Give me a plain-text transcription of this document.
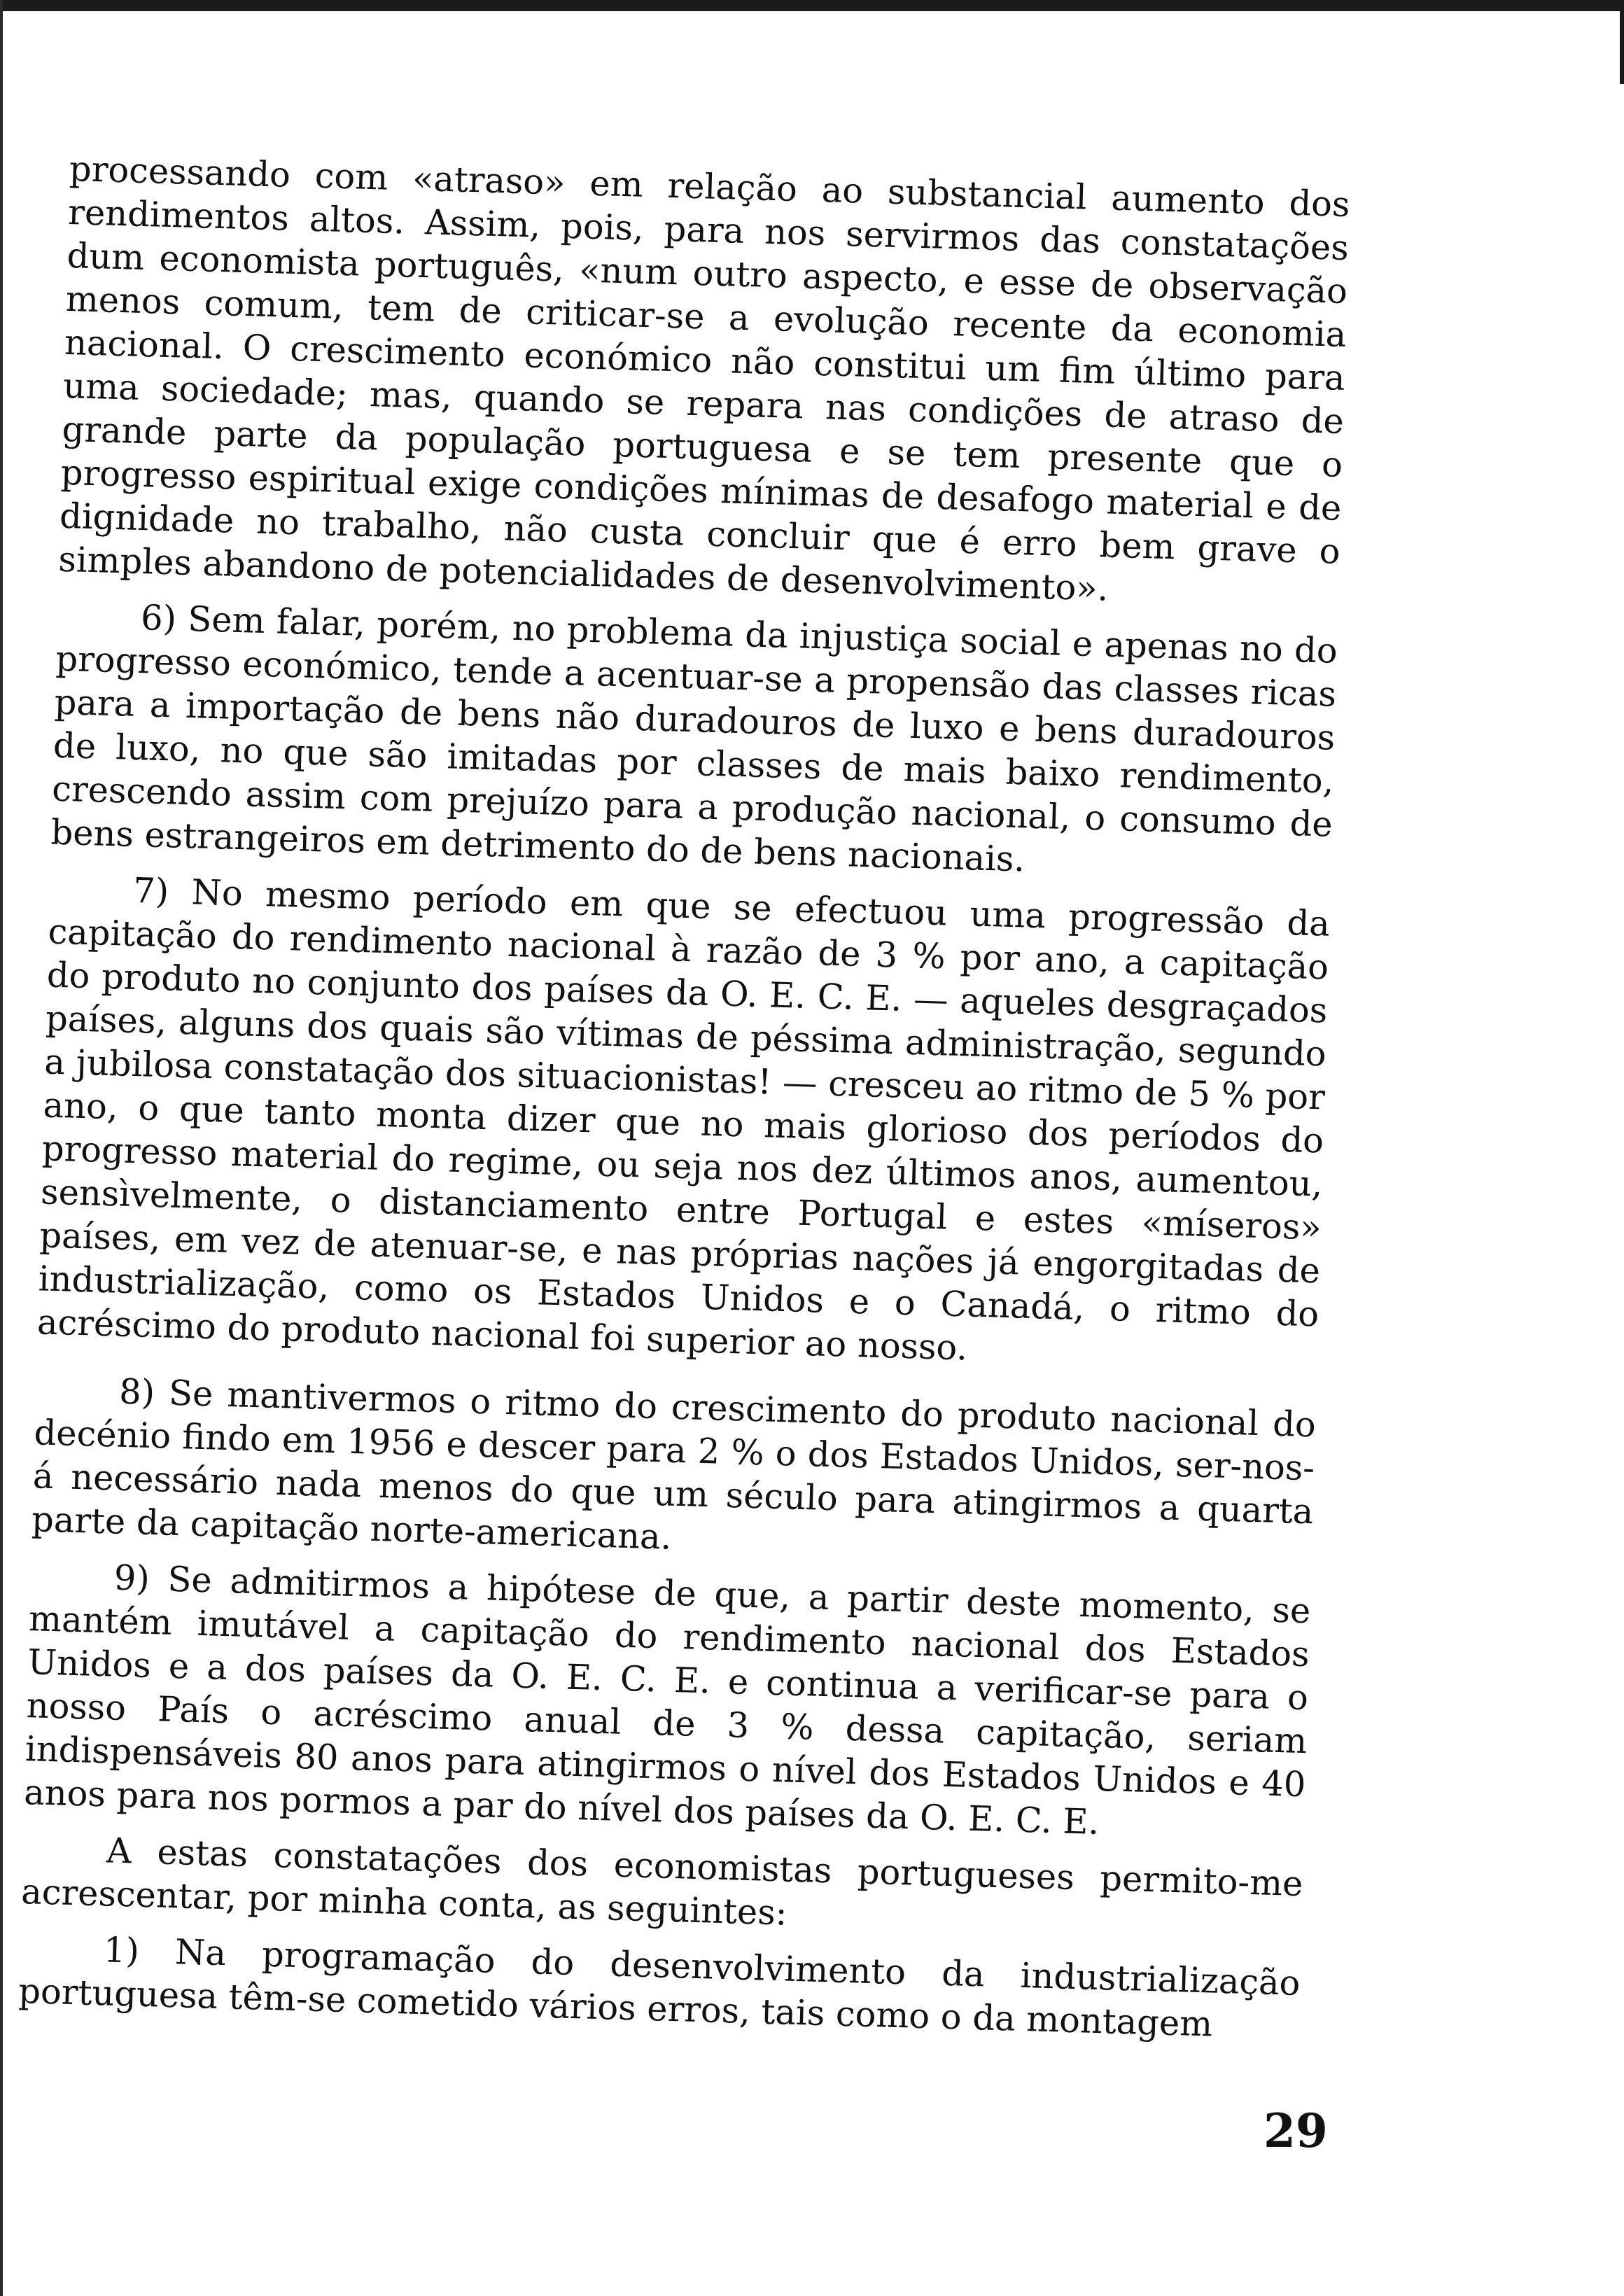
processando com «atraso» em relação ao substancial aumento dos rendimentos altos. Assim, pois, para nos servirmos das constatações dum economista português, «num outro aspecto, e esse de observação menos comum, tem de criticar-se a evolução recente da economia nacional. O crescimento económico não constitui um fim último para uma sociedade; mas, quando se repara nas condições de atraso de grande parte da população portuguesa e se tem presente que o progresso espiritual exige condições mínimas de desafogo material e de dignidade no trabalho, não custa concluir que é erro bem grave o simples abandono de potencialidades de desenvolvimento».

6) Sem falar, porém, no problema da injustiça social e apenas no do progresso económico, tende a acentuar-se a propensão das classes ricas para a importação de bens não duradouros de luxo e bens duradouros de luxo, no que são imitadas por classes de mais baixo rendimento, crescendo assim com prejuízo para a produção nacional, o consumo de bens estrangeiros em detrimento do de bens nacionais.

7) No mesmo período em que se efectuou uma progressão da capitação do rendimento nacional à razão de 3 % por ano, a capitação do produto no conjunto dos países da O. E. C. E. — aqueles desgraçados países, alguns dos quais são vítimas de péssima administração, segundo a jubilosa constatação dos situacionistas! — cresceu ao ritmo de 5 % por ano, o que tanto monta dizer que no mais glorioso dos períodos do progresso material do regime, ou seja nos dez últimos anos, aumentou, sensìvelmente, o distanciamento entre Portugal e estes «míseros» países, em vez de atenuar-se, e nas próprias nações já engorgitadas de industrialização, como os Estados Unidos e o Canadá, o ritmo do acréscimo do produto nacional foi superior ao nosso.

8) Se mantivermos o ritmo do crescimento do produto nacional do decénio findo em 1956 e descer para 2 % o dos Estados Unidos, ser-nos-á necessário nada menos do que um século para atingirmos a quarta parte da capitação norte-americana.

9) Se admitirmos a hipótese de que, a partir deste momento, se mantém imutável a capitação do rendimento nacional dos Estados Unidos e a dos países da O. E. C. E. e continua a verificar-se para o nosso País o acréscimo anual de 3 % dessa capitação, seriam indispensáveis 80 anos para atingirmos o nível dos Estados Unidos e 40 anos para nos pormos a par do nível dos países da O. E. C. E.

A estas constatações dos economistas portugueses permito-me acrescentar, por minha conta, as seguintes:

1) Na programação do desenvolvimento da industrialização portuguesa têm-se cometido vários erros, tais como o da montagem

29
